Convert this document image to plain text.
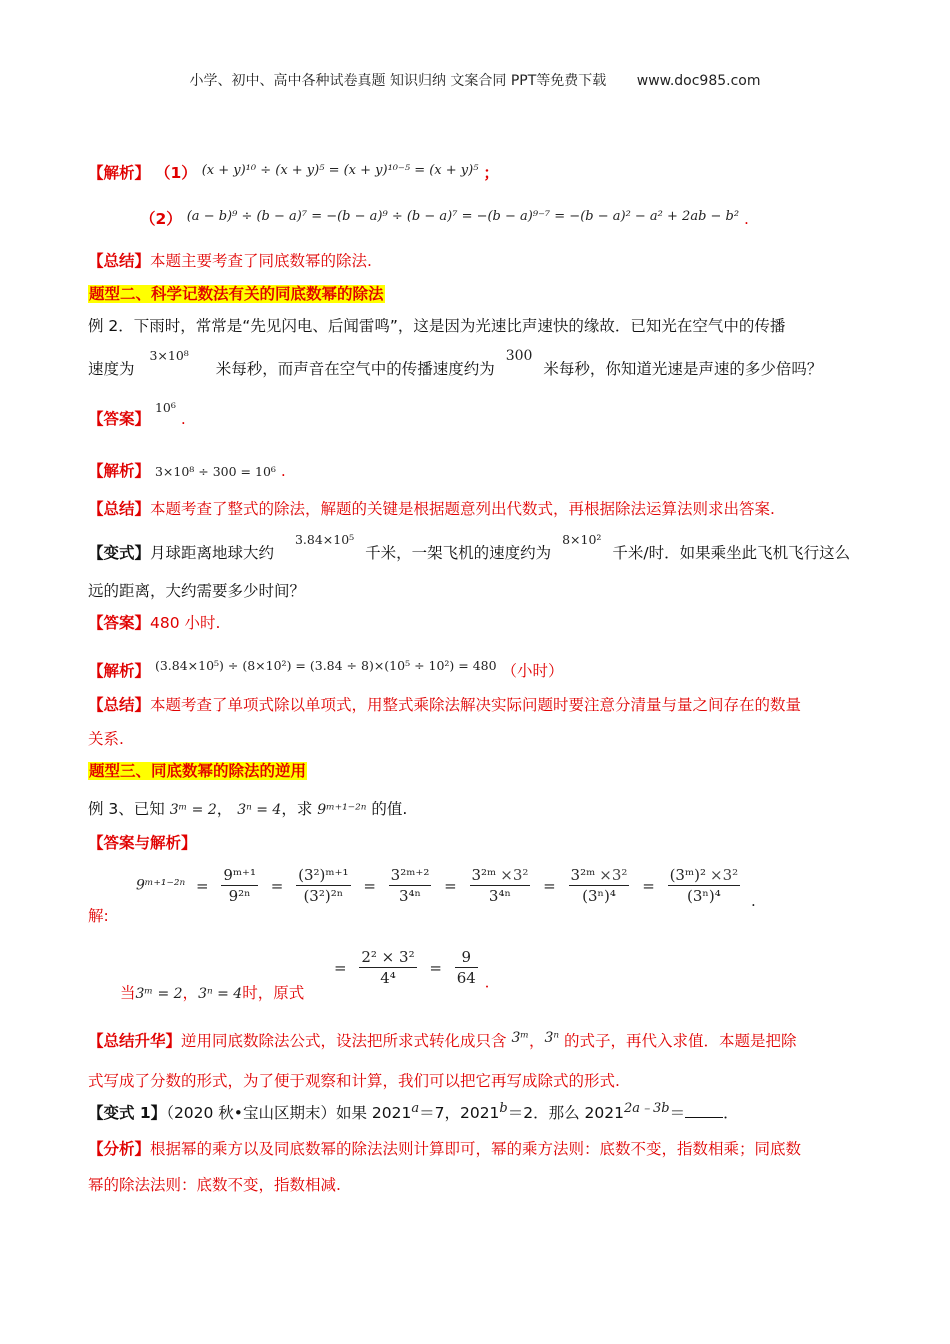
小学、初中、高中各种试卷真题 知识归纳 文案合同 PPT等免费下载 www.doc985.com
【解析】 （1） $^{(x + y)^{10} \div (x + y)^5 = (x + y)^{10-5} = (x + y)^5}$ ；
（2） $^{(a - b)^9 \div (b - a)^7 = -(b - a)^9 \div (b - a)^7 = -(b - a)^{9-7} = -(b - a)^2 - a^2 + 2ab - b^2}$ .
【总结】本题主要考查了同底数幂的除法.
题型二、科学记数法有关的同底数幂的除法
例 2．下雨时，常常是“先见闪电、后闻雷鸣”，这是因为光速比声速快的缘故．已知光在空气中的传播
速度为 $^{3\times 10^8}$ 米每秒，而声音在空气中的传播速度约为 300 米每秒，你知道光速是声速的多少倍吗？
【答案】 $^{10^6}$ .
【解析】 3×10⁸ ÷ 300 = 10⁶ .
【总结】本题考查了整式的除法，解题的关键是根据题意列出代数式，再根据除法运算法则求出答案.
【变式】月球距离地球大约 $^{3.84\times 10^5}$ 千米，一架飞机的速度约为 $^{8\times 10^2}$ 千米/时．如果乘坐此飞机飞行这么
远的距离，大约需要多少时间？
【答案】480 小时.
【解析】 $^{(3.84\times 10^5) \div (8\times 10^2) = (3.84 \div 8)\times(10^5 \div 10^2) = 480}$ （小时）
【总结】本题考查了单项式除以单项式，用整式乘除法解决实际问题时要注意分清量与量之间存在的数量
关系.
题型三、同底数幂的除法的逆用
例 3、已知 3ᵐ = 2， 3ⁿ = 4，求 9ᵐ⁺¹⁻²ⁿ 的值.
【答案与解析】
解:
9ᵐ⁺¹⁻²ⁿ = $\frac{\text{9ᵐ⁺¹}}{\text{9²ⁿ}} = \frac{\text{(3²)ᵐ⁺¹}}{\text{(3²)²ⁿ}} = \frac{\text{3²ᵐ⁺²}}{\text{3⁴ⁿ}} = \frac{\text{3²ᵐ ×3²}}{\text{3⁴ⁿ}} = \frac{\text{3²ᵐ ×3²}}{\text{(3ⁿ)⁴}} = \frac{\text{(3ᵐ)² ×3²}}{\text{(3ⁿ)⁴}}$ .
当3ᵐ = 2，3ⁿ = 4时，原式
= $\frac{\text{2² × 3²}}{\text{4⁴}} = \frac{9}{64}$ .
【总结升华】逆用同底数除法公式，设法把所求式转化成只含 3ᵐ，3ⁿ 的式子，再代入求值．本题是把除
式写成了分数的形式，为了便于观察和计算，我们可以把它再写成除式的形式.
【变式 1】（2020 秋•宝山区期末）如果 $2021^a=7$，$2021^b=2$．那么 $2021^{2a﹣3b}=$ ．
【分析】根据幂的乘方以及同底数幂的除法法则计算即可，幂的乘方法则：底数不变，指数相乘；同底数
幂的除法法则：底数不变，指数相减.
